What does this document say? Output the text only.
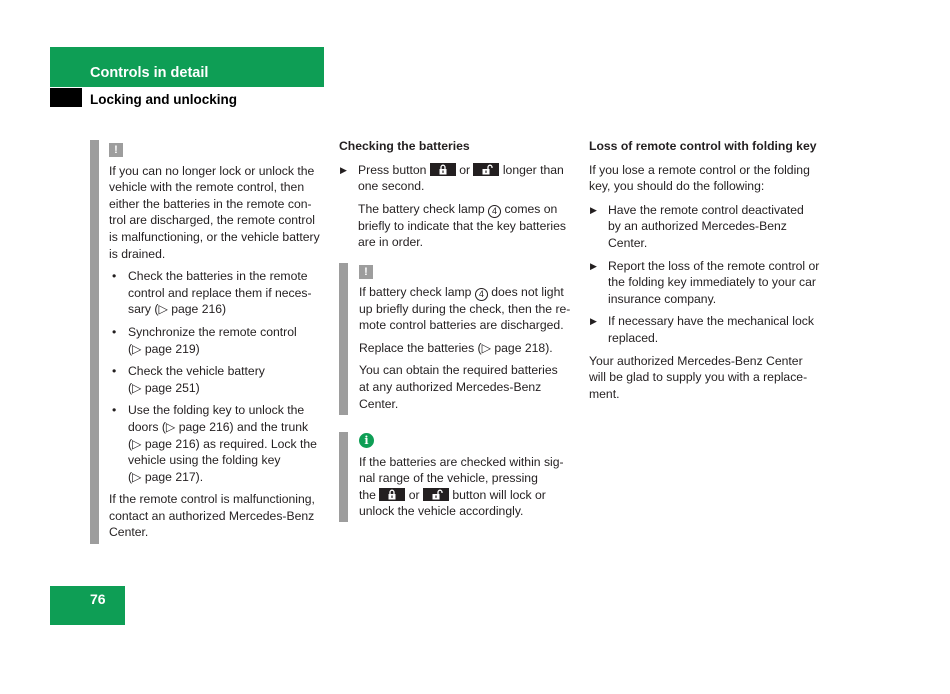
Controls in detail
Locking and unlocking
!

If you can no longer lock or unlock the
vehicle with the remote control, then
either the batteries in the remote con-
trol are discharged, the remote control
is malfunctioning, or the vehicle battery
is drained.

• Check the batteries in the remote
control and replace them if neces-
sary (▷ page 216)
• Synchronize the remote control
(▷ page 219)
• Check the vehicle battery
(▷ page 251)
• Use the folding key to unlock the
doors (▷ page 216) and the trunk
(▷ page 216) as required. Lock the
vehicle using the folding key
(▷ page 217).

If the remote control is malfunctioning,
contact an authorized Mercedes-Benz
Center.

Checking the batteries

▶ Press button	or	longer than
one second.

The battery check lamp 4 comes on
briefly to indicate that the key batteries
are in order.

!

If battery check lamp 4 does not light
up briefly during the check, then the re-
mote control batteries are discharged.

Replace the batteries (▷ page 218).

You can obtain the required batteries
at any authorized Mercedes-Benz
Center.

i

If the batteries are checked within sig-
nal range of the vehicle, pressing
the	or	button will lock or
unlock the vehicle accordingly.

Loss of remote control with folding key

If you lose a remote control or the folding
key, you should do the following:

▶ Have the remote control deactivated
by an authorized Mercedes-Benz
Center.
▶ Report the loss of the remote control or
the folding key immediately to your car
insurance company.
▶ If necessary have the mechanical lock
replaced.

Your authorized Mercedes-Benz Center
will be glad to supply you with a replace-
ment.

76
